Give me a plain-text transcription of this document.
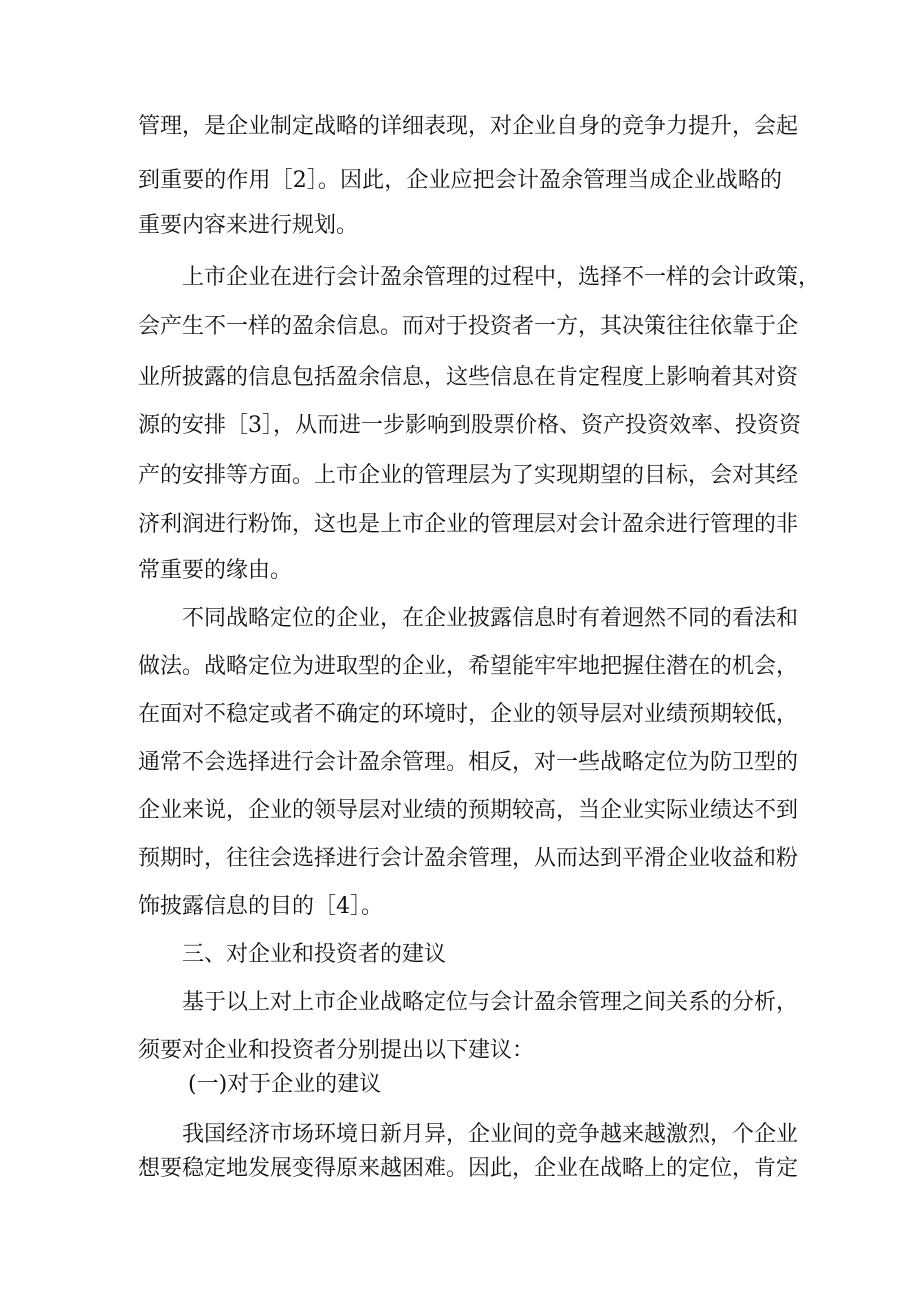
管理，是企业制定战略的详细表现，对企业自身的竞争力提升，会起

到重要的作用［2］。因此，企业应把会计盈余管理当成企业战略的

重要内容来进行规划。

上市企业在进行会计盈余管理的过程中，选择不一样的会计政策，

会产生不一样的盈余信息。而对于投资者一方，其决策往往依靠于企

业所披露的信息包括盈余信息，这些信息在肯定程度上影响着其对资

源的安排［3］，从而进一步影响到股票价格、资产投资效率、投资资

产的安排等方面。上市企业的管理层为了实现期望的目标，会对其经

济利润进行粉饰，这也是上市企业的管理层对会计盈余进行管理的非

常重要的缘由。

不同战略定位的企业，在企业披露信息时有着迥然不同的看法和

做法。战略定位为进取型的企业，希望能牢牢地把握住潜在的机会，

在面对不稳定或者不确定的环境时，企业的领导层对业绩预期较低，

通常不会选择进行会计盈余管理。相反，对一些战略定位为防卫型的

企业来说，企业的领导层对业绩的预期较高，当企业实际业绩达不到

预期时，往往会选择进行会计盈余管理，从而达到平滑企业收益和粉

饰披露信息的目的［4］。

三、对企业和投资者的建议

基于以上对上市企业战略定位与会计盈余管理之间关系的分析，

须要对企业和投资者分别提出以下建议：

(一)对于企业的建议

我国经济市场环境日新月异，企业间的竞争越来越激烈，个企业

想要稳定地发展变得原来越困难。因此，企业在战略上的定位，肯定
